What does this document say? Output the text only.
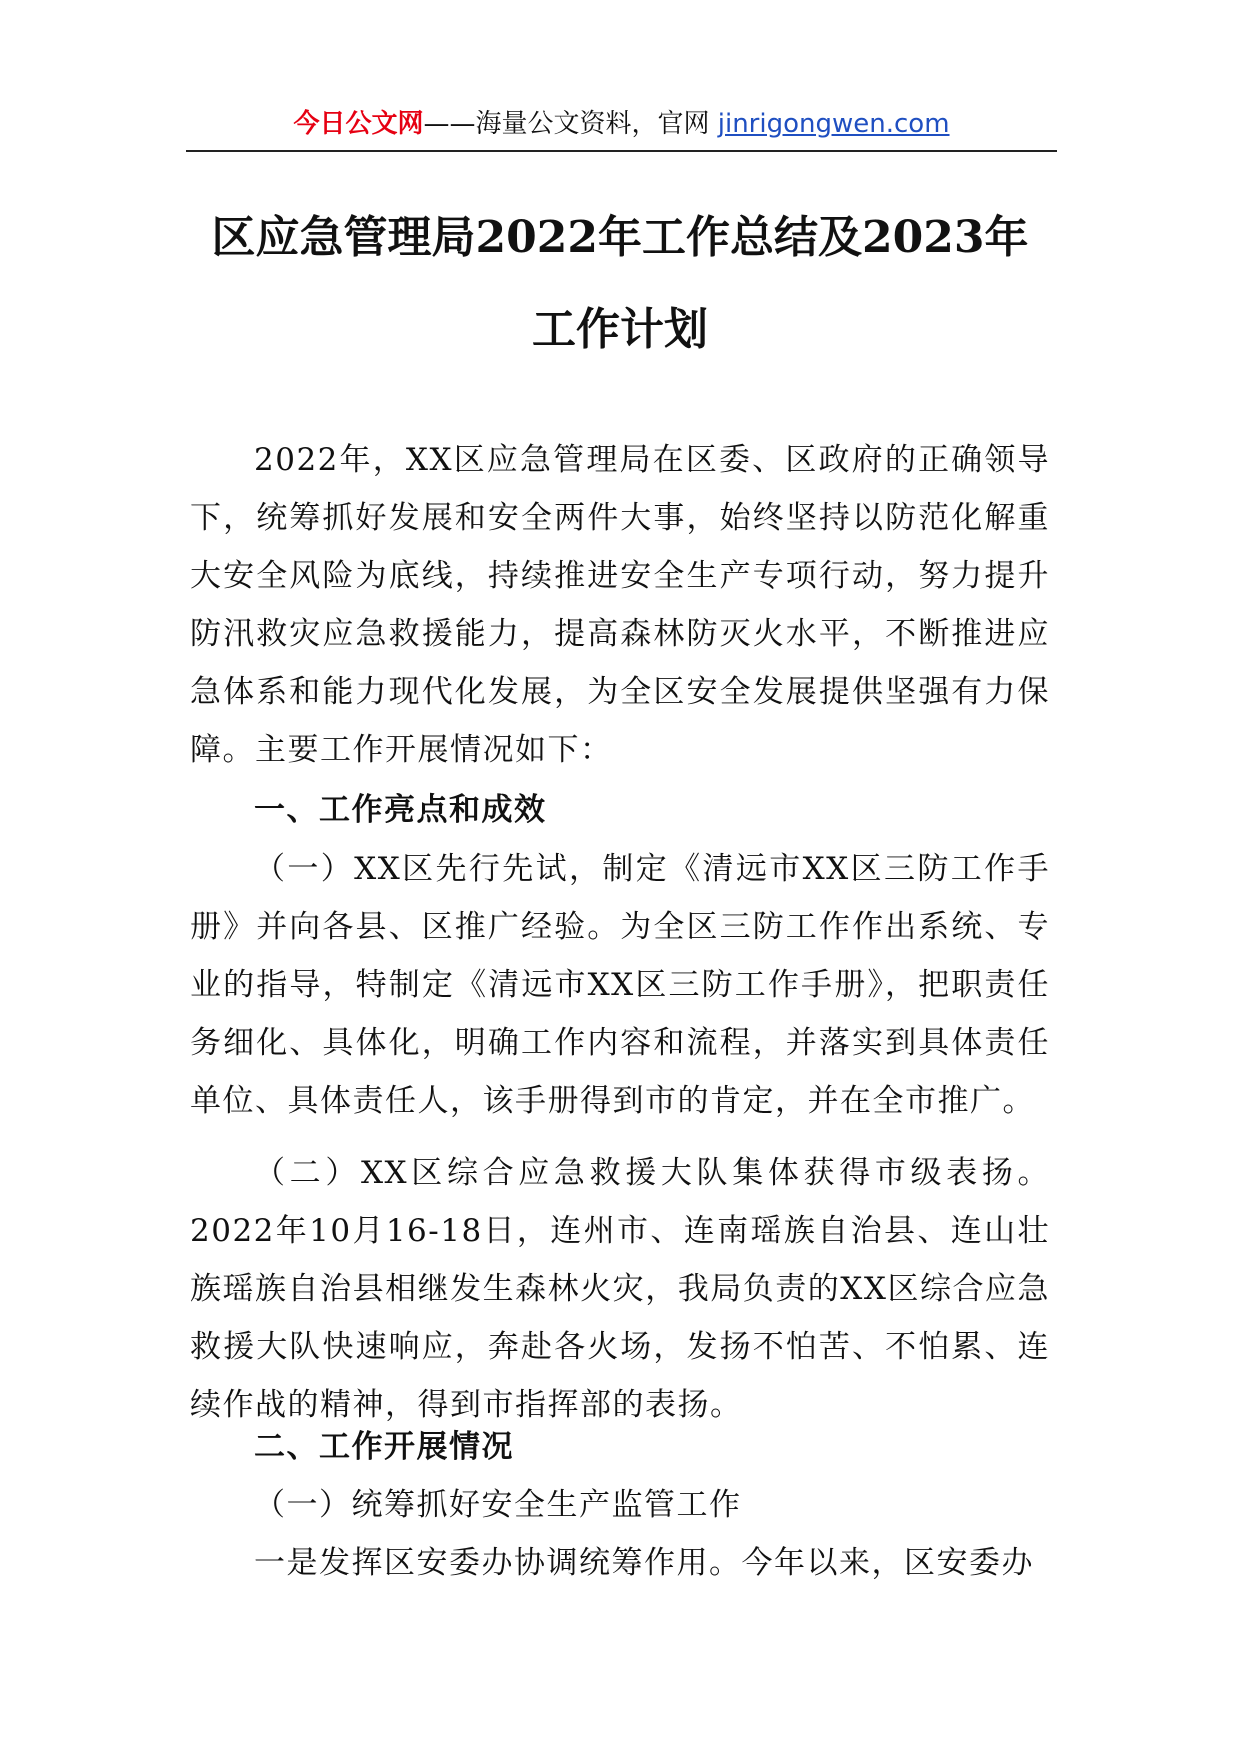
今日公文网——海量公文资料，官网 jinrigongwen.com
区应急管理局2022年工作总结及2023年
工作计划

2022年，XX区应急管理局在区委、区政府的正确领导下，统筹抓好发展和安全两件大事，始终坚持以防范化解重大安全风险为底线，持续推进安全生产专项行动，努力提升防汛救灾应急救援能力，提高森林防灭火水平，不断推进应急体系和能力现代化发展，为全区安全发展提供坚强有力保障。主要工作开展情况如下：

一、工作亮点和成效

（一）XX区先行先试，制定《清远市XX区三防工作手册》并向各县、区推广经验。为全区三防工作作出系统、专业的指导，特制定《清远市XX区三防工作手册》，把职责任务细化、具体化，明确工作内容和流程，并落实到具体责任单位、具体责任人，该手册得到市的肯定，并在全市推广。

（二）XX区综合应急救援大队集体获得市级表扬。2022年10月16-18日，连州市、连南瑶族自治县、连山壮族瑶族自治县相继发生森林火灾，我局负责的XX区综合应急救援大队快速响应，奔赴各火场，发扬不怕苦、不怕累、连续作战的精神，得到市指挥部的表扬。

二、工作开展情况

（一）统筹抓好安全生产监管工作

一是发挥区安委办协调统筹作用。今年以来，区安委办
